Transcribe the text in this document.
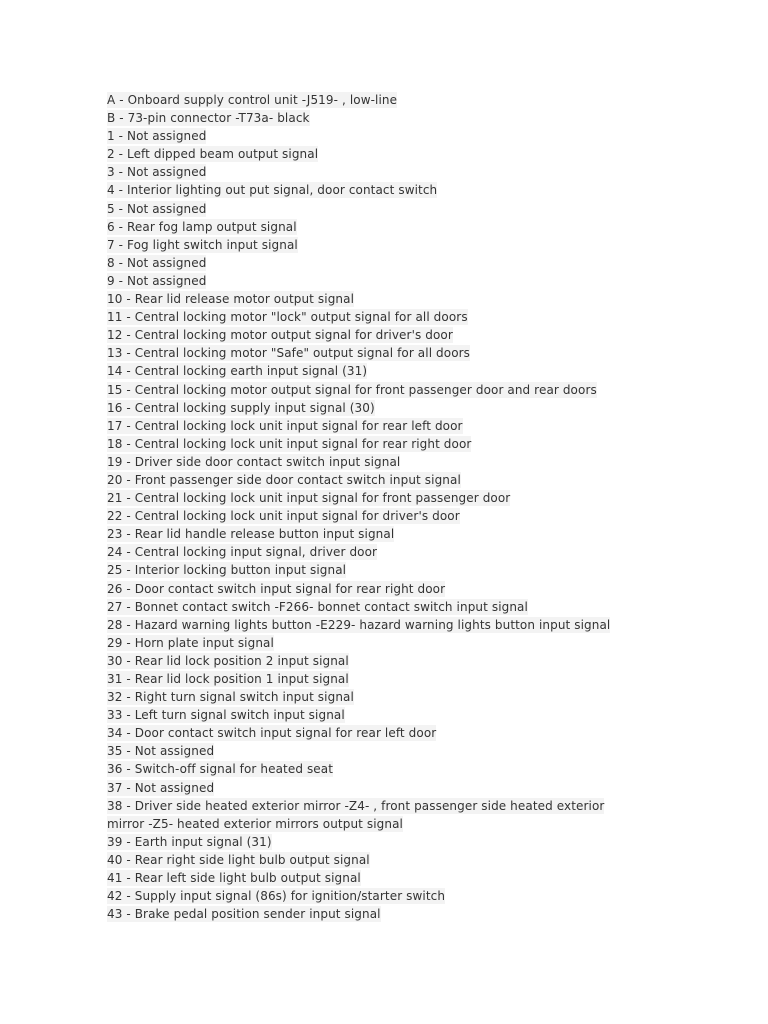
A - Onboard supply control unit -J519- , low-line
B - 73-pin connector -T73a- black
1 - Not assigned
2 - Left dipped beam output signal
3 - Not assigned
4 - Interior lighting out put signal, door contact switch
5 - Not assigned
6 - Rear fog lamp output signal
7 - Fog light switch input signal
8 - Not assigned
9 - Not assigned
10 - Rear lid release motor output signal
11 - Central locking motor "lock" output signal for all doors
12 - Central locking motor output signal for driver's door
13 - Central locking motor "Safe" output signal for all doors
14 - Central locking earth input signal (31)
15 - Central locking motor output signal for front passenger door and rear doors
16 - Central locking supply input signal (30)
17 - Central locking lock unit input signal for rear left door
18 - Central locking lock unit input signal for rear right door
19 - Driver side door contact switch input signal
20 - Front passenger side door contact switch input signal
21 - Central locking lock unit input signal for front passenger door
22 - Central locking lock unit input signal for driver's door
23 - Rear lid handle release button input signal
24 - Central locking input signal, driver door
25 - Interior locking button input signal
26 - Door contact switch input signal for rear right door
27 - Bonnet contact switch -F266- bonnet contact switch input signal
28 - Hazard warning lights button -E229- hazard warning lights button input signal
29 - Horn plate input signal
30 - Rear lid lock position 2 input signal
31 - Rear lid lock position 1 input signal
32 - Right turn signal switch input signal
33 - Left turn signal switch input signal
34 - Door contact switch input signal for rear left door
35 - Not assigned
36 - Switch-off signal for heated seat
37 - Not assigned
38 - Driver side heated exterior mirror -Z4- , front passenger side heated exterior
mirror -Z5- heated exterior mirrors output signal
39 - Earth input signal (31)
40 - Rear right side light bulb output signal
41 - Rear left side light bulb output signal
42 - Supply input signal (86s) for ignition/starter switch
43 - Brake pedal position sender input signal
